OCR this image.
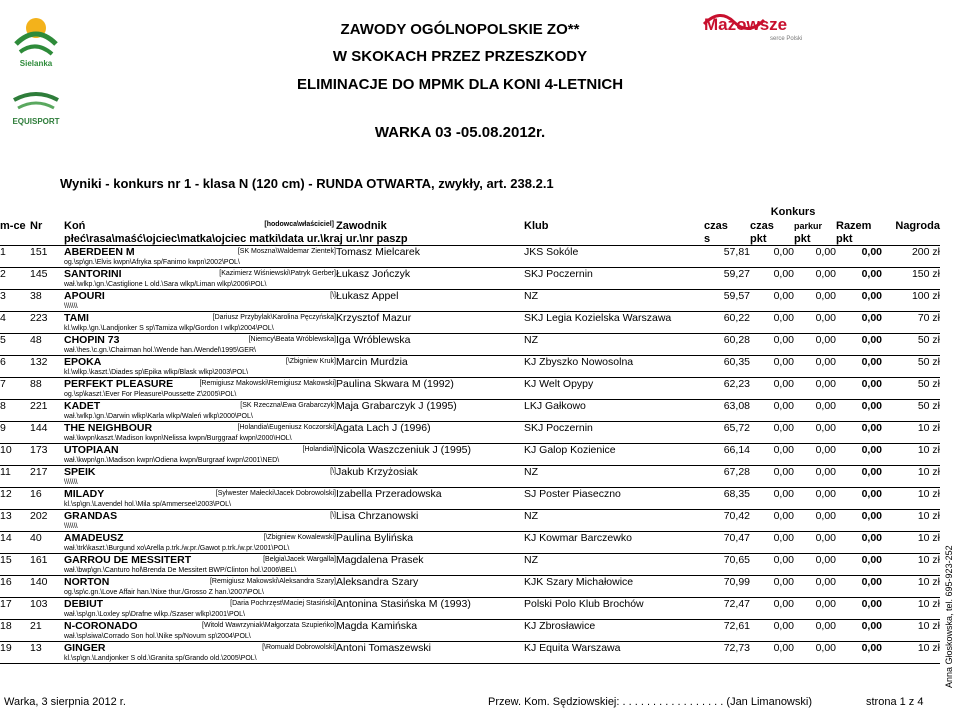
Sielanka
EQUISPORT
Mazowsze
serce Polski
ZAWODY OGÓLNOPOLSKIE ZO**
W SKOKACH PRZEZ PRZESZKODY
ELIMINACJE DO MPMK DLA KONI 4-LETNICH
WARKA 03 -05.08.2012r.
Wyniki - konkurs nr 1 - klasa N (120 cm) - RUNDA OTWARTA, zwykły, art. 238.2.1
					Konkurs				
m-ce	Nr	Koń [hodowca\właściciel]	Zawodnik	Klub	czas	czas	parkur	Razem	Nagroda
		płeć\rasa\maść\ojciec\matka\ojciec matki\data ur.\kraj ur.\nr paszp			s	pkt	pkt	pkt	
1	151	ABERDEEN M [SK Moszna\Waldemar Zientek]	Tomasz Mielcarek	JKS Sokóle	57,81	0,00	0,00	0,00	200 zł
		og.\sp\gn.\Elvis kwpn\Afryka sp/Fanimo kwpn\2002\POL\							
2	145	SANTORINI [Kazimierz Wiśniewski\Patryk Gerber]	Łukasz Jończyk	SKJ Poczernin	59,27	0,00	0,00	0,00	150 zł
		wał.\wlkp.\gn.\Castiglione L old.\Sara wlkp/Liman wlkp\2006\POL\							
3	38	APOURI [\]	Łukasz Appel	NZ	59,57	0,00	0,00	0,00	100 zł
		\\\\\\\							
4	223	TAMI [Dariusz Przybylak\Karolina Pęczyńska]	Krzysztof Mazur	SKJ Legia Kozielska Warszawa	60,22	0,00	0,00	0,00	70 zł
		kl.\wlkp.\gn.\Landjonker S sp\Tamiza wlkp/Gordon I wlkp\2004\POL\							
5	48	CHOPIN 73 [Niemcy\Beata Wróblewska]	Iga Wróblewska	NZ	60,28	0,00	0,00	0,00	50 zł
		wał.\hes.\c.gn.\Chairman hol.\Wende han./Wendel\1995\GER\							
6	132	EPOKA [\Zbigniew Kruk]	Marcin Murdzia	KJ Zbyszko Nowosolna	60,35	0,00	0,00	0,00	50 zł
		kl.\wlkp.\kaszt.\Diades sp\Epika wlkp/Blask wlkp\2003\POL\							
7	88	PERFEKT PLEASURE [Remigiusz Makowski\Remigiusz Makowski]	Paulina Skwara M (1992)	KJ Welt Opypy	62,23	0,00	0,00	0,00	50 zł
		og.\sp\kaszt.\Ever For Pleasure\Poussette Z\2005\POL\							
8	221	KADET [SK Rzeczna\Ewa Grabarczyk]	Maja Grabarczyk J (1995)	LKJ Gałkowo	63,08	0,00	0,00	0,00	50 zł
		wał.\wlkp.\gn.\Darwin wlkp\Karla wlkp/Waleń wlkp\2000\POL\							
9	144	THE NEIGHBOUR [Holandia\Eugeniusz Koczorski]	Agata Lach J (1996)	SKJ Poczernin	65,72	0,00	0,00	0,00	10 zł
		wał.\kwpn\kaszt.\Madison kwpn\Nelissa kwpn/Burggraaf kwpn\2000\HOL\							
10	173	UTOPIAAN [Holandia\]	Nicola Waszczeniuk J (1995)	KJ Galop Kozienice	66,14	0,00	0,00	0,00	10 zł
		wał.\kwpn\gn.\Madison kwpn\Odiena kwpn/Burgraaf kwpn\2001\NED\							
11	217	SPEIK [\]	Jakub Krzyżosiak	NZ	67,28	0,00	0,00	0,00	10 zł
		\\\\\\\							
12	16	MILADY [Sylwester Małecki\Jacek Dobrowolski]	Izabella Przeradowska	SJ Poster Piaseczno	68,35	0,00	0,00	0,00	10 zł
		kl.\sp\gn.\Lavendel hol.\Mila sp/Ammersee\2003\POL\							
13	202	GRANDAS [\]	Lisa Chrzanowski	NZ	70,42	0,00	0,00	0,00	10 zł
		\\\\\\\							
14	40	AMADEUSZ [\Zbigniew Kowalewski]	Paulina Bylińska	KJ Kowmar Barczewko	70,47	0,00	0,00	0,00	10 zł
		wał.\trk\kaszt.\Burgund xo\Arella p.trk./w.pr./Gawot p.trk./w.pr.\2001\POL\							
15	161	GARROU DE MESSITERT [Belgia\Jacek Wargalla]	Magdalena Prasek	NZ	70,65	0,00	0,00	0,00	10 zł
		wał.\bwp\gn.\Canturo hol\Brenda De Messitert BWP/Clinton hol.\2006\BEL\							
16	140	NORTON [Remigiusz Makowski\Aleksandra Szary]	Aleksandra Szary	KJK Szary Michałowice	70,99	0,00	0,00	0,00	10 zł
		og.\sp\c.gn.\Love Affair han.\Nixe thur./Grosso Z han.\2007\POL\							
17	103	DEBIUT [Daria Pochrzęst\Maciej Stasiński]	Antonina Stasińska M (1993)	Polski Polo Klub Brochów	72,47	0,00	0,00	0,00	10 zł
		wał.\sp\gn.\Loxley sp\Drafne wlkp./Szaser wlkp\2001\POL\							
18	21	N-CORONADO [Witold Wawrzyniak\Małgorzata Szupieńko]	Magda Kamińska	KJ Zbrosławice	72,61	0,00	0,00	0,00	10 zł
		wał.\sp\siwa\Corrado Son hol.\Nike sp/Novum sp\2004\POL\							
19	13	GINGER [\Romuald Dobrowolski]	Antoni Tomaszewski	KJ Equita Warszawa	72,73	0,00	0,00	0,00	10 zł
		kl.\sp\gn.\Landjonker S old.\Granita sp/Grando old.\2005\POL\							
Warka, 3 sierpnia 2012 r.	Przew. Kom. Sędziowskiej: . . . . . . . . . . . . . . . . . (Jan Limanowski)	strona 1 z 4
Anna Głoskowska, tel. 695-923-252
